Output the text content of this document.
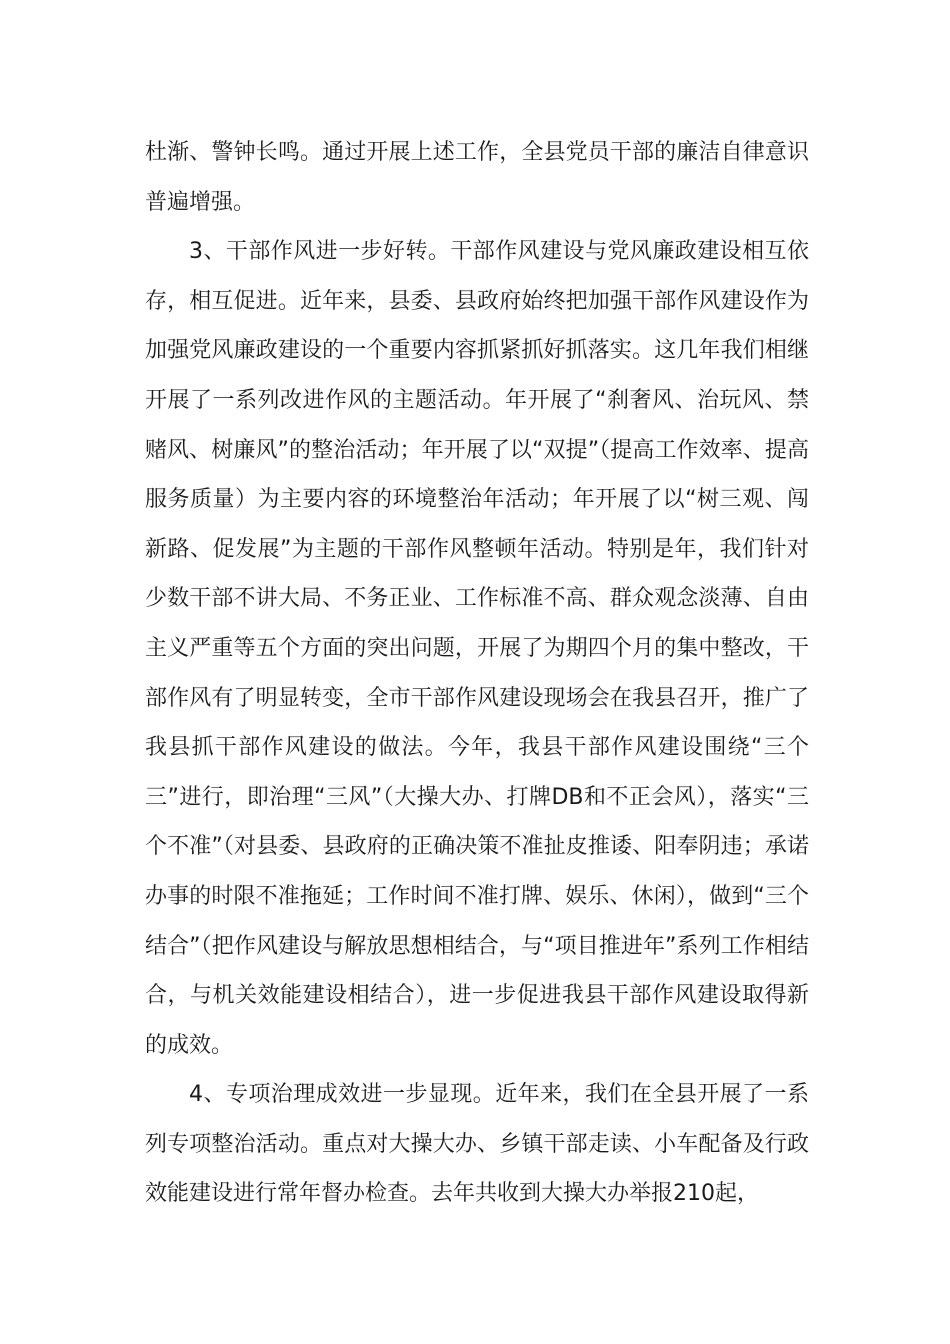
杜渐、警钟长鸣。通过开展上述工作，全县党员干部的廉洁自律意识普遍增强。

3、干部作风进一步好转。干部作风建设与党风廉政建设相互依存，相互促进。近年来，县委、县政府始终把加强干部作风建设作为加强党风廉政建设的一个重要内容抓紧抓好抓落实。这几年我们相继开展了一系列改进作风的主题活动。年开展了“刹奢风、治玩风、禁赌风、树廉风”的整治活动；年开展了以“双提”（提高工作效率、提高服务质量）为主要内容的环境整治年活动；年开展了以“树三观、闯新路、促发展”为主题的干部作风整顿年活动。特别是年，我们针对少数干部不讲大局、不务正业、工作标准不高、群众观念淡薄、自由主义严重等五个方面的突出问题，开展了为期四个月的集中整改，干部作风有了明显转变，全市干部作风建设现场会在我县召开，推广了我县抓干部作风建设的做法。今年，我县干部作风建设围绕“三个三”进行，即治理“三风”（大操大办、打牌DB和不正会风），落实“三个不准”（对县委、县政府的正确决策不准扯皮推诿、阳奉阴违；承诺办事的时限不准拖延；工作时间不准打牌、娱乐、休闲），做到“三个结合”（把作风建设与解放思想相结合，与“项目推进年”系列工作相结合，与机关效能建设相结合），进一步促进我县干部作风建设取得新的成效。

4、专项治理成效进一步显现。近年来，我们在全县开展了一系列专项整治活动。重点对大操大办、乡镇干部走读、小车配备及行政效能建设进行常年督办检查。去年共收到大操大办举报210起，
